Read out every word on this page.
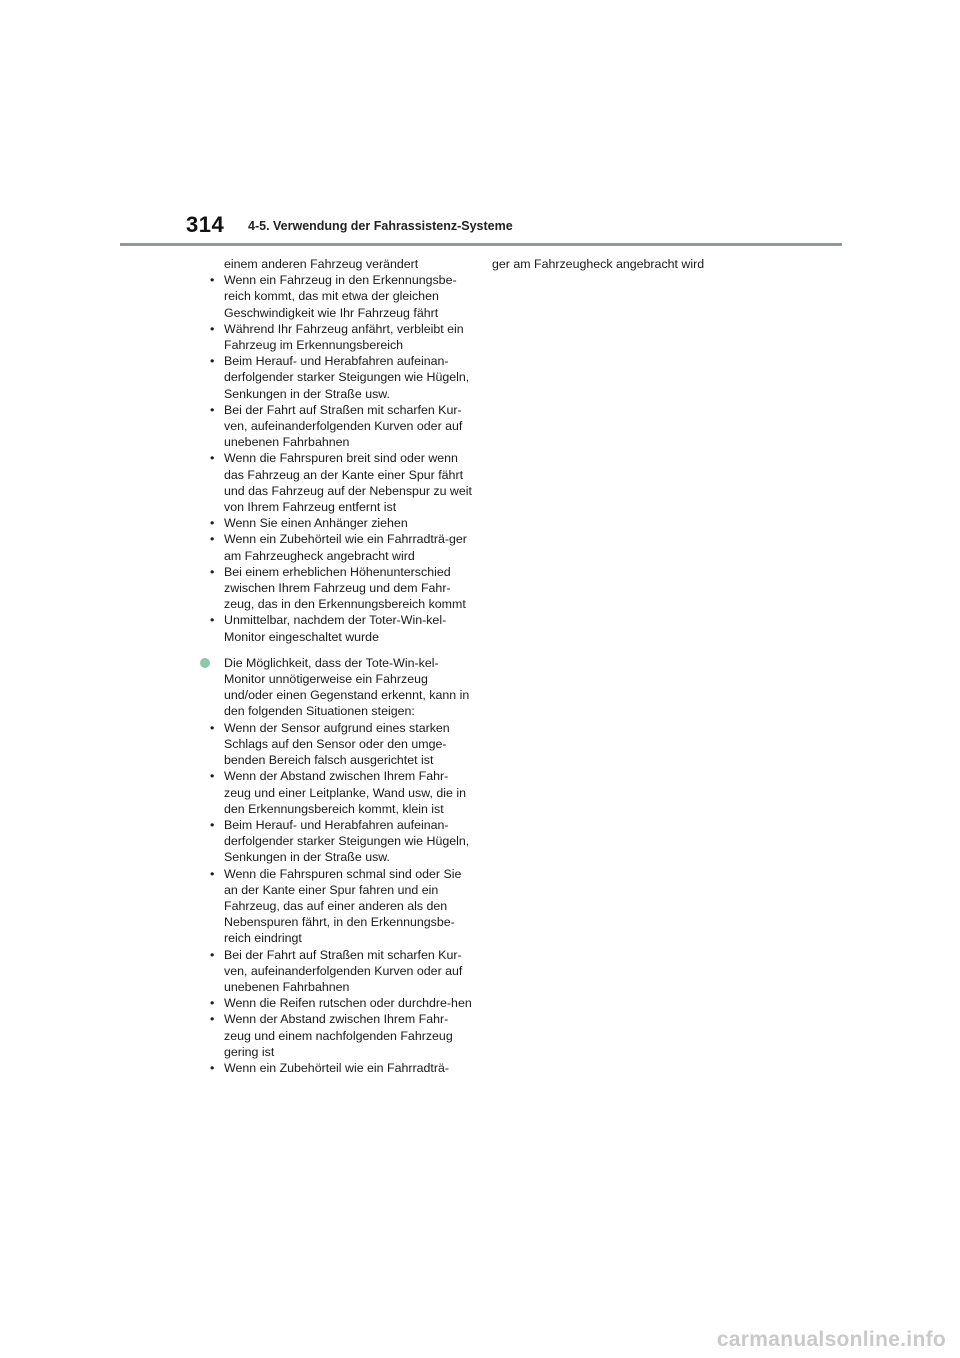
314 4-5. Verwendung der Fahrassistenz-Systeme
einem anderen Fahrzeug verändert
• Wenn ein Fahrzeug in den Erkennungsbe-reich kommt, das mit etwa der gleichen Geschwindigkeit wie Ihr Fahrzeug fährt
• Während Ihr Fahrzeug anfährt, verbleibt ein Fahrzeug im Erkennungsbereich
• Beim Herauf- und Herabfahren aufeinan-derfolgender starker Steigungen wie Hügeln, Senkungen in der Straße usw.
• Bei der Fahrt auf Straßen mit scharfen Kur-ven, aufeinanderfolgenden Kurven oder auf unebenen Fahrbahnen
• Wenn die Fahrspuren breit sind oder wenn das Fahrzeug an der Kante einer Spur fährt und das Fahrzeug auf der Nebenspur zu weit von Ihrem Fahrzeug entfernt ist
• Wenn Sie einen Anhänger ziehen
• Wenn ein Zubehörteil wie ein Fahrradträ-ger am Fahrzeugheck angebracht wird
• Bei einem erheblichen Höhenunterschied zwischen Ihrem Fahrzeug und dem Fahr-zeug, das in den Erkennungsbereich kommt
• Unmittelbar, nachdem der Toter-Win-kel-Monitor eingeschaltet wurde
Die Möglichkeit, dass der Tote-Win-kel-Monitor unnötigerweise ein Fahrzeug und/oder einen Gegenstand erkennt, kann in den folgenden Situationen steigen:
• Wenn der Sensor aufgrund eines starken Schlags auf den Sensor oder den umge-benden Bereich falsch ausgerichtet ist
• Wenn der Abstand zwischen Ihrem Fahr-zeug und einer Leitplanke, Wand usw, die in den Erkennungsbereich kommt, klein ist
• Beim Herauf- und Herabfahren aufeinan-derfolgender starker Steigungen wie Hügeln, Senkungen in der Straße usw.
• Wenn die Fahrspuren schmal sind oder Sie an der Kante einer Spur fahren und ein Fahrzeug, das auf einer anderen als den Nebenspuren fährt, in den Erkennungsbe-reich eindringt
• Bei der Fahrt auf Straßen mit scharfen Kur-ven, aufeinanderfolgenden Kurven oder auf unebenen Fahrbahnen
• Wenn die Reifen rutschen oder durchdre-hen
• Wenn der Abstand zwischen Ihrem Fahr-zeug und einem nachfolgenden Fahrzeug gering ist
• Wenn ein Zubehörteil wie ein Fahrradträ-
ger am Fahrzeugheck angebracht wird
carmanualsonline.info
